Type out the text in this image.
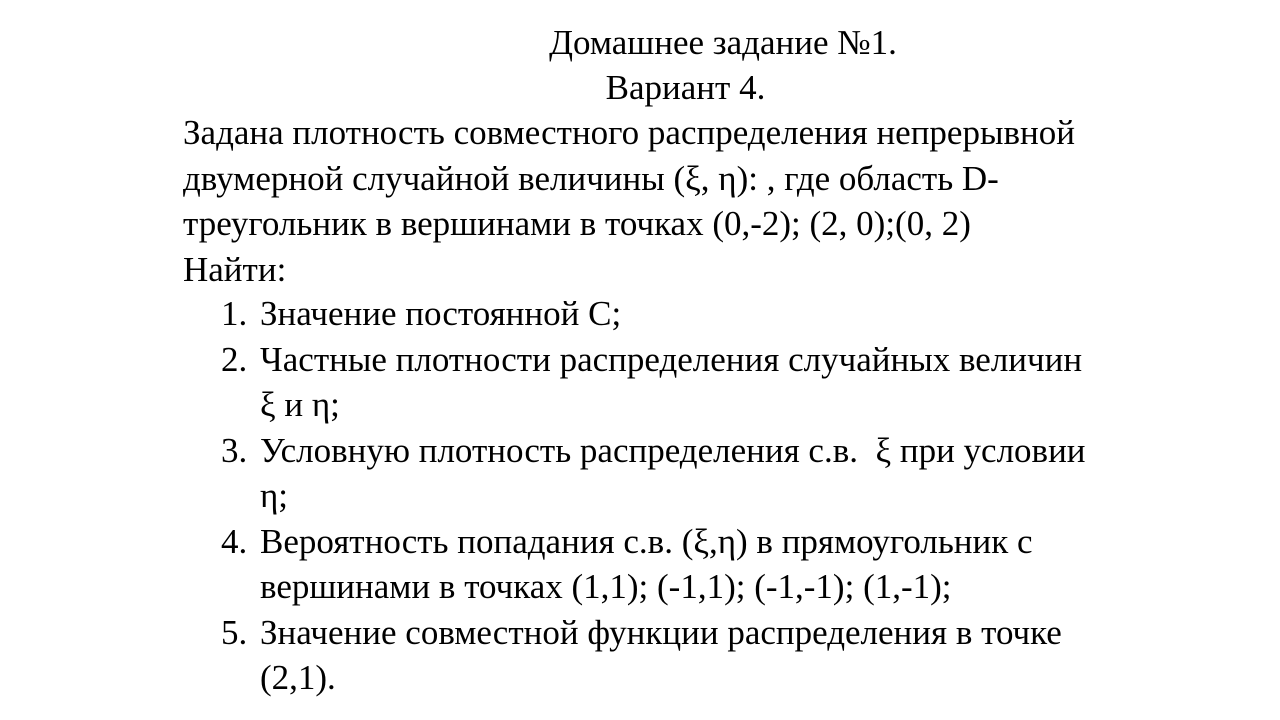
Домашнее задание №1.
Вариант 4.
Задана плотность совместного распределения непрерывной
двумерной случайной величины (ξ, η): , где область D-
треугольник в вершинами в точках (0,-2); (2, 0);(0, 2)
Найти:
1. Значение постоянной С;
2. Частные плотности распределения случайных величин
ξ и η;
3. Условную плотность распределения с.в.  ξ при условии
η;
4. Вероятность попадания с.в. (ξ,η) в прямоугольник с
вершинами в точках (1,1); (-1,1); (-1,-1); (1,-1);
5. Значение совместной функции распределения в точке
(2,1).
